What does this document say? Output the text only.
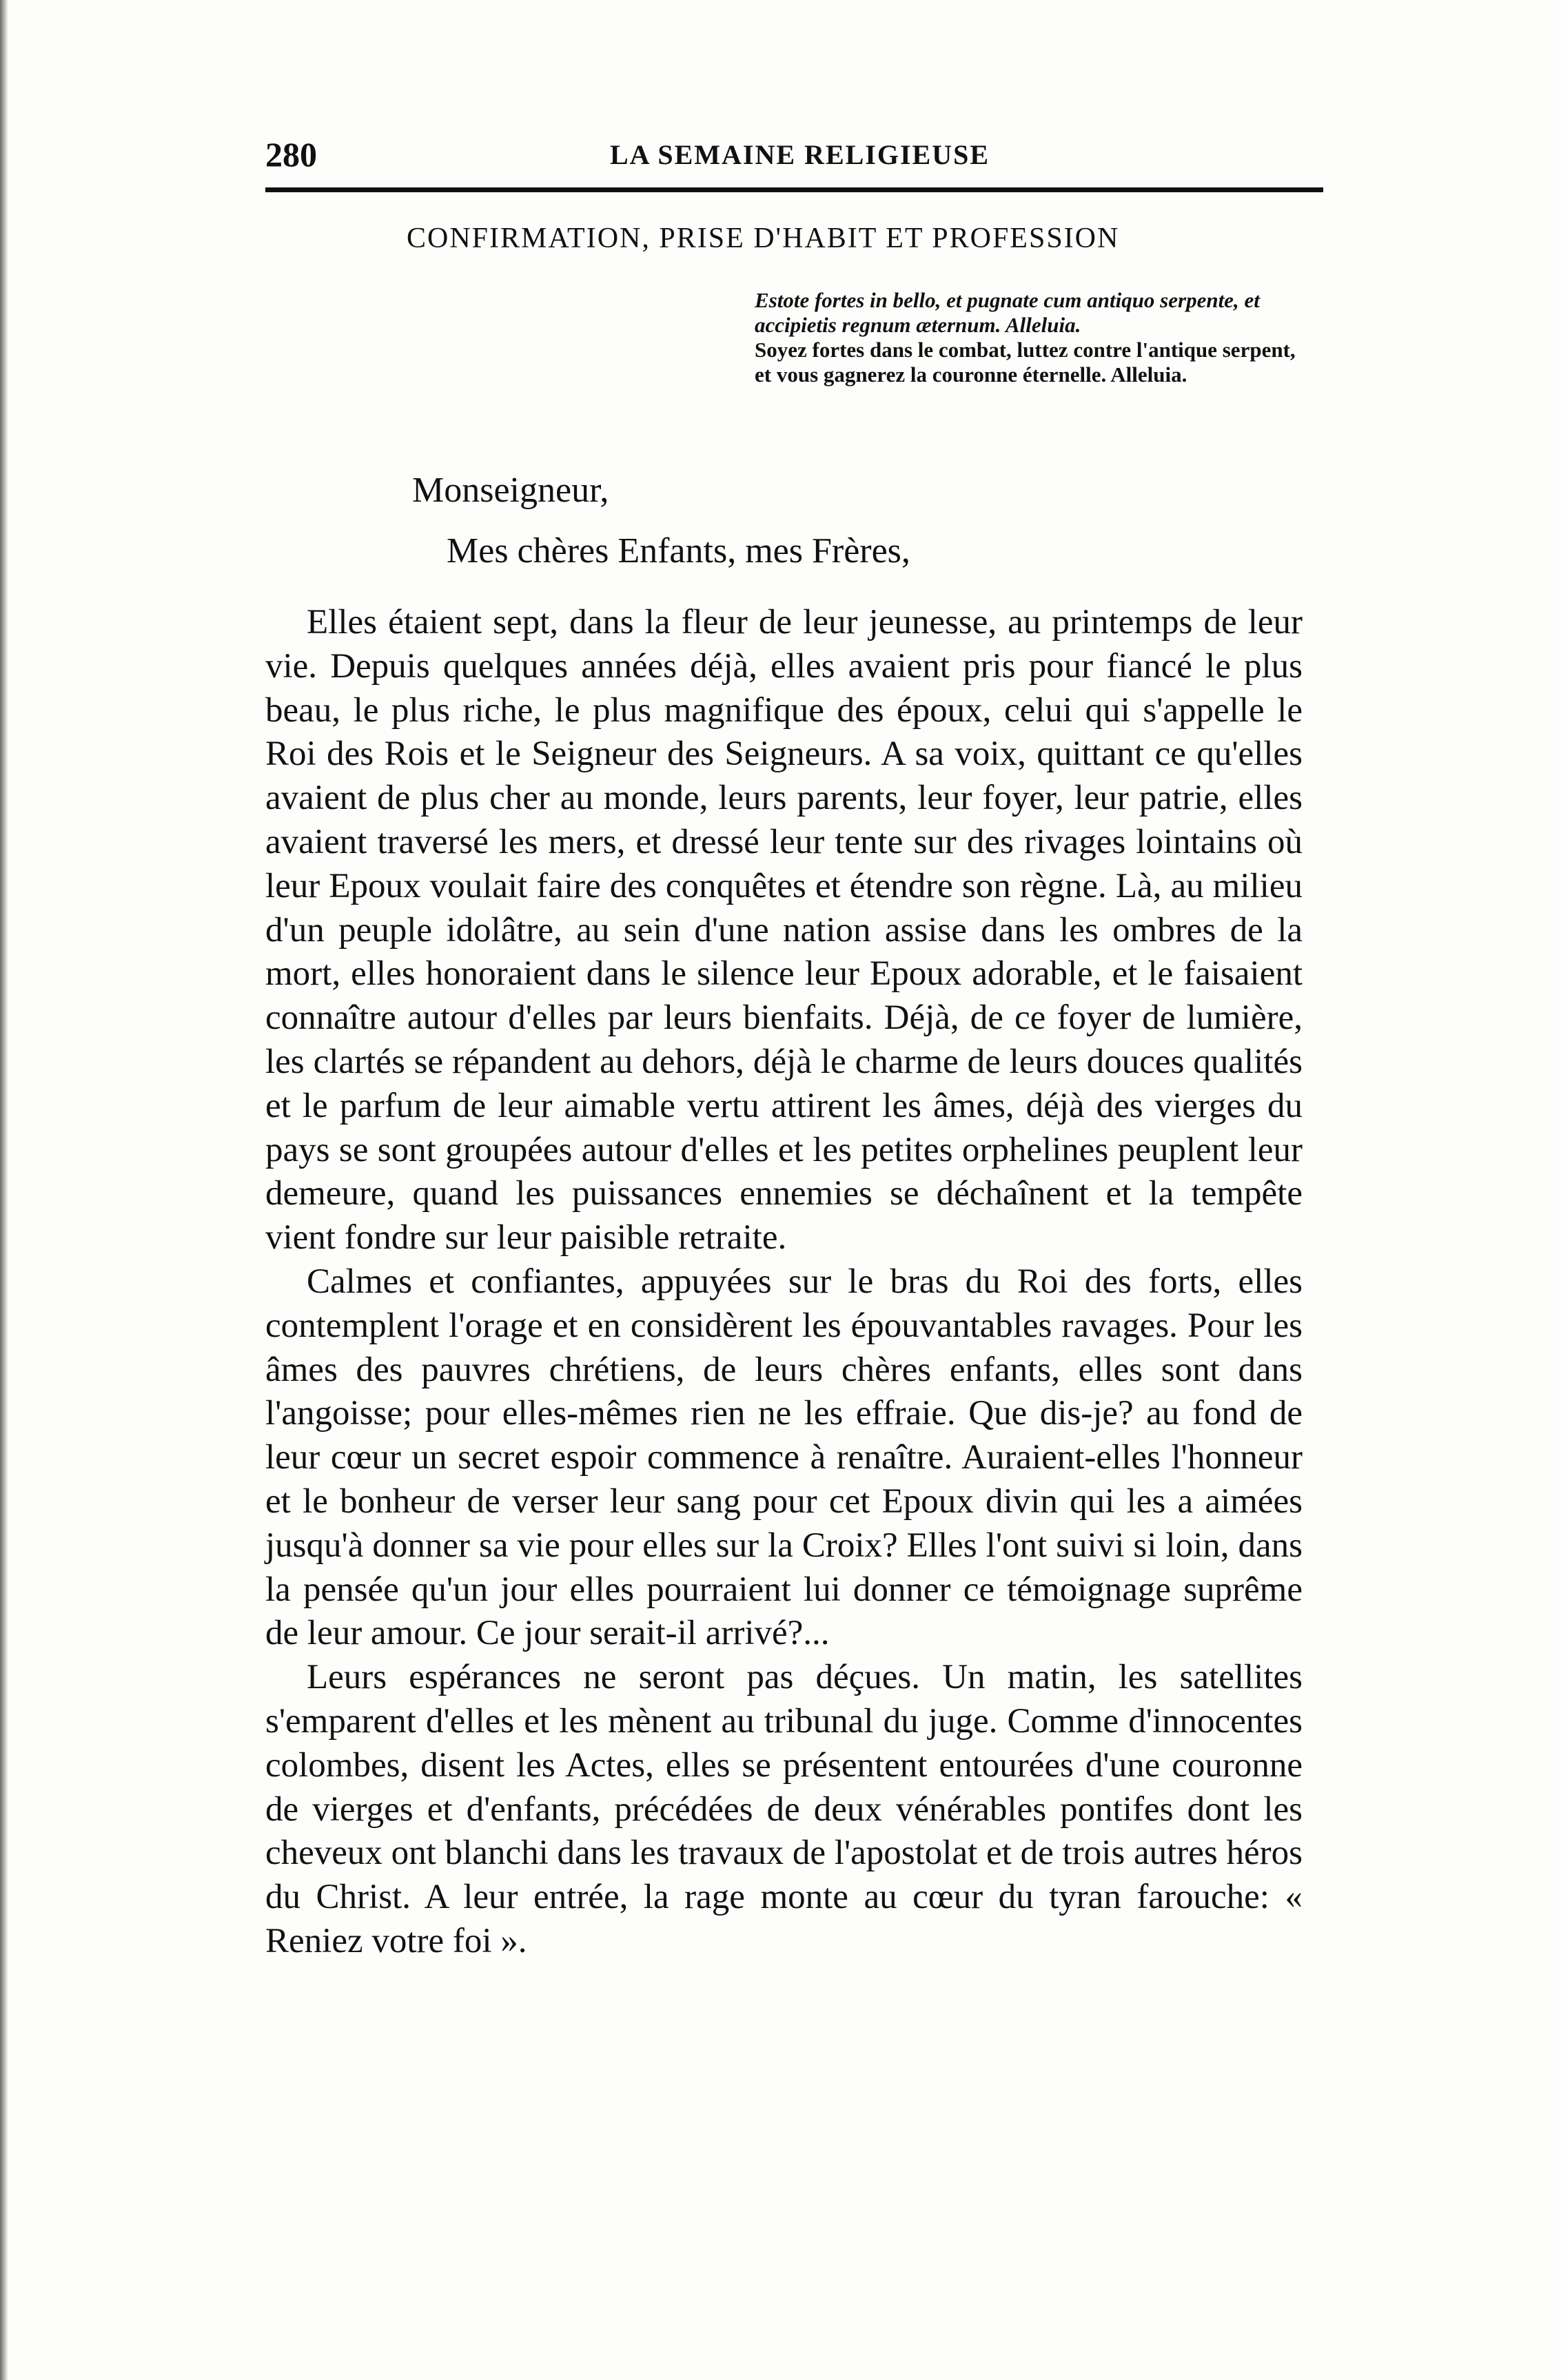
280	LA SEMAINE RELIGIEUSE
CONFIRMATION, PRISE D'HABIT ET PROFESSION

Estote fortes in bello, et pugnate cum antiquo serpente, et accipietis regnum æternum. Alleluia.

Soyez fortes dans le combat, luttez contre l'antique serpent, et vous gagnerez la couronne éternelle. Alleluia.

Monseigneur,
Mes chères Enfants, mes Frères,

Elles étaient sept, dans la fleur de leur jeunesse, au printemps de leur vie. Depuis quelques années déjà, elles avaient pris pour fiancé le plus beau, le plus riche, le plus magnifique des époux, celui qui s'appelle le Roi des Rois et le Seigneur des Seigneurs. A sa voix, quittant ce qu'elles avaient de plus cher au monde, leurs parents, leur foyer, leur patrie, elles avaient traversé les mers, et dressé leur tente sur des rivages lointains où leur Epoux voulait faire des conquêtes et étendre son règne. Là, au milieu d'un peuple idolâtre, au sein d'une nation assise dans les ombres de la mort, elles honoraient dans le silence leur Epoux adorable, et le faisaient connaître autour d'elles par leurs bienfaits. Déjà, de ce foyer de lumière, les clartés se répandent au dehors, déjà le charme de leurs douces qualités et le parfum de leur aimable vertu attirent les âmes, déjà des vierges du pays se sont groupées autour d'elles et les petites orphelines peuplent leur demeure, quand les puissances ennemies se déchaînent et la tempête vient fondre sur leur paisible retraite.

Calmes et confiantes, appuyées sur le bras du Roi des forts, elles contemplent l'orage et en considèrent les épouvantables ravages. Pour les âmes des pauvres chrétiens, de leurs chères enfants, elles sont dans l'angoisse; pour elles-mêmes rien ne les effraie. Que dis-je? au fond de leur cœur un secret espoir commence à renaître. Auraient-elles l'honneur et le bonheur de verser leur sang pour cet Epoux divin qui les a aimées jusqu'à donner sa vie pour elles sur la Croix? Elles l'ont suivi si loin, dans la pensée qu'un jour elles pourraient lui donner ce témoignage suprême de leur amour. Ce jour serait-il arrivé?...

Leurs espérances ne seront pas déçues. Un matin, les satellites s'emparent d'elles et les mènent au tribunal du juge. Comme d'innocentes colombes, disent les Actes, elles se présentent entourées d'une couronne de vierges et d'enfants, précédées de deux vénérables pontifes dont les cheveux ont blanchi dans les travaux de l'apostolat et de trois autres héros du Christ. A leur entrée, la rage monte au cœur du tyran farouche: « Reniez votre foi ».
